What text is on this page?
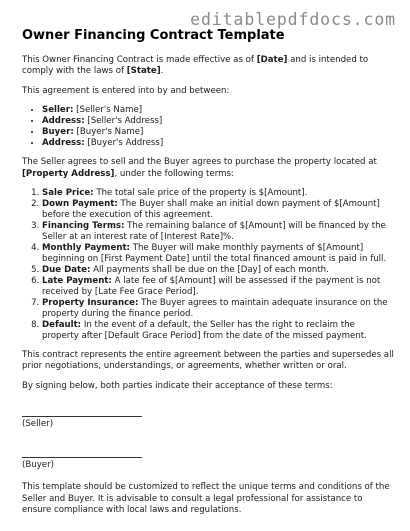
editablepdfdocs.com
Owner Financing Contract Template

This Owner Financing Contract is made effective as of [Date] and is intended to comply with the laws of [State].

This agreement is entered into by and between:

• Seller: [Seller's Name]
• Address: [Seller's Address]
• Buyer: [Buyer's Name]
• Address: [Buyer's Address]

The Seller agrees to sell and the Buyer agrees to purchase the property located at [Property Address], under the following terms:

1. Sale Price: The total sale price of the property is $[Amount].
2. Down Payment: The Buyer shall make an initial down payment of $[Amount] before the execution of this agreement.
3. Financing Terms: The remaining balance of $[Amount] will be financed by the Seller at an interest rate of [Interest Rate]%.
4. Monthly Payment: The Buyer will make monthly payments of $[Amount] beginning on [First Payment Date] until the total financed amount is paid in full.
5. Due Date: All payments shall be due on the [Day] of each month.
6. Late Payment: A late fee of $[Amount] will be assessed if the payment is not received by [Late Fee Grace Period].
7. Property Insurance: The Buyer agrees to maintain adequate insurance on the property during the finance period.
8. Default: In the event of a default, the Seller has the right to reclaim the property after [Default Grace Period] from the date of the missed payment.

This contract represents the entire agreement between the parties and supersedes all prior negotiations, understandings, or agreements, whether written or oral.

By signing below, both parties indicate their acceptance of these terms:

(Seller)
(Buyer)

This template should be customized to reflect the unique terms and conditions of the Seller and Buyer. It is advisable to consult a legal professional for assistance to ensure compliance with local laws and regulations.
